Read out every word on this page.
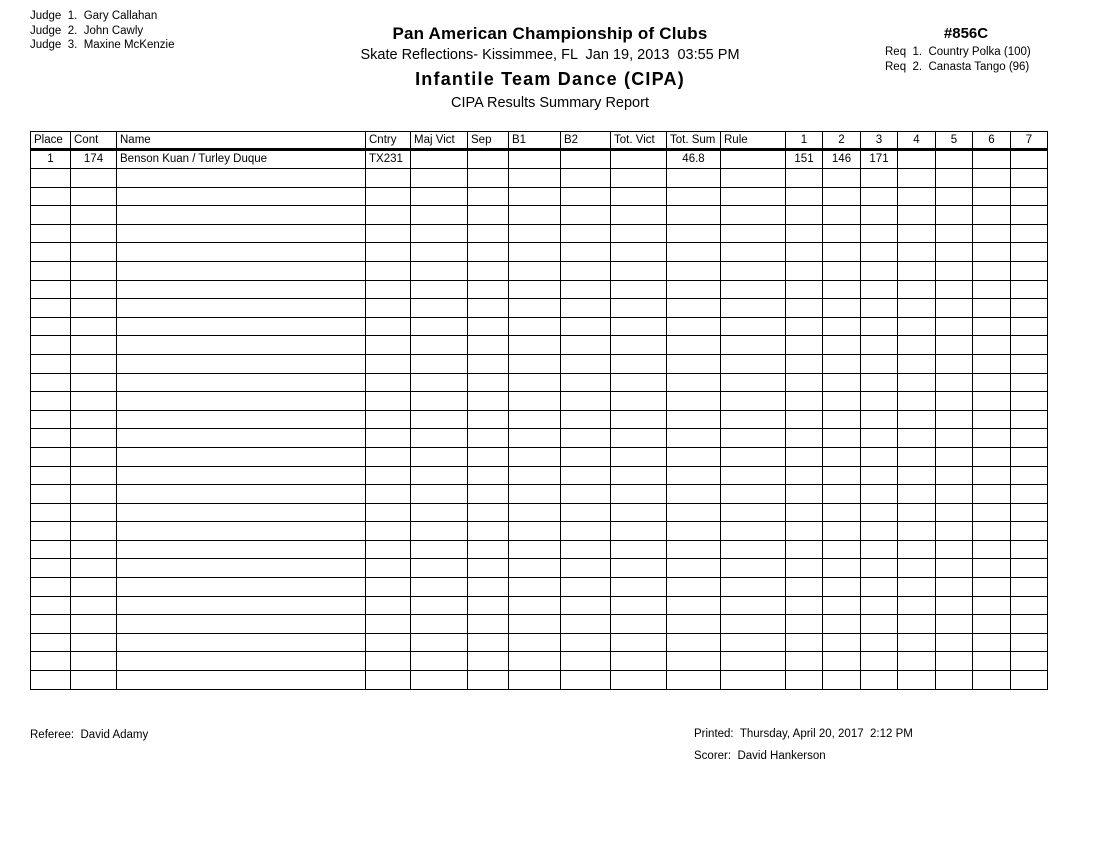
Judge  1.  Gary Callahan
Judge  2.  John Cawly
Judge  3.  Maxine McKenzie
Pan American Championship of Clubs
Skate Reflections- Kissimmee, FL  Jan 19, 2013  03:55 PM
Infantile Team Dance (CIPA)
CIPA Results Summary Report
#856C
Req  1.  Country Polka (100)
Req  2.  Canasta Tango (96)
Place	Cont	Name	Cntry	Maj Vict	Sep	B1	B2	Tot. Vict	Tot. Sum	Rule	1	2	3	4	5	6	7
1	174	Benson Kuan / Turley Duque	TX231						46.8		151	146	171				

Referee:  David Adamy	Printed:  Thursday, April 20, 2017  2:12 PM
Scorer:  David Hankerson
